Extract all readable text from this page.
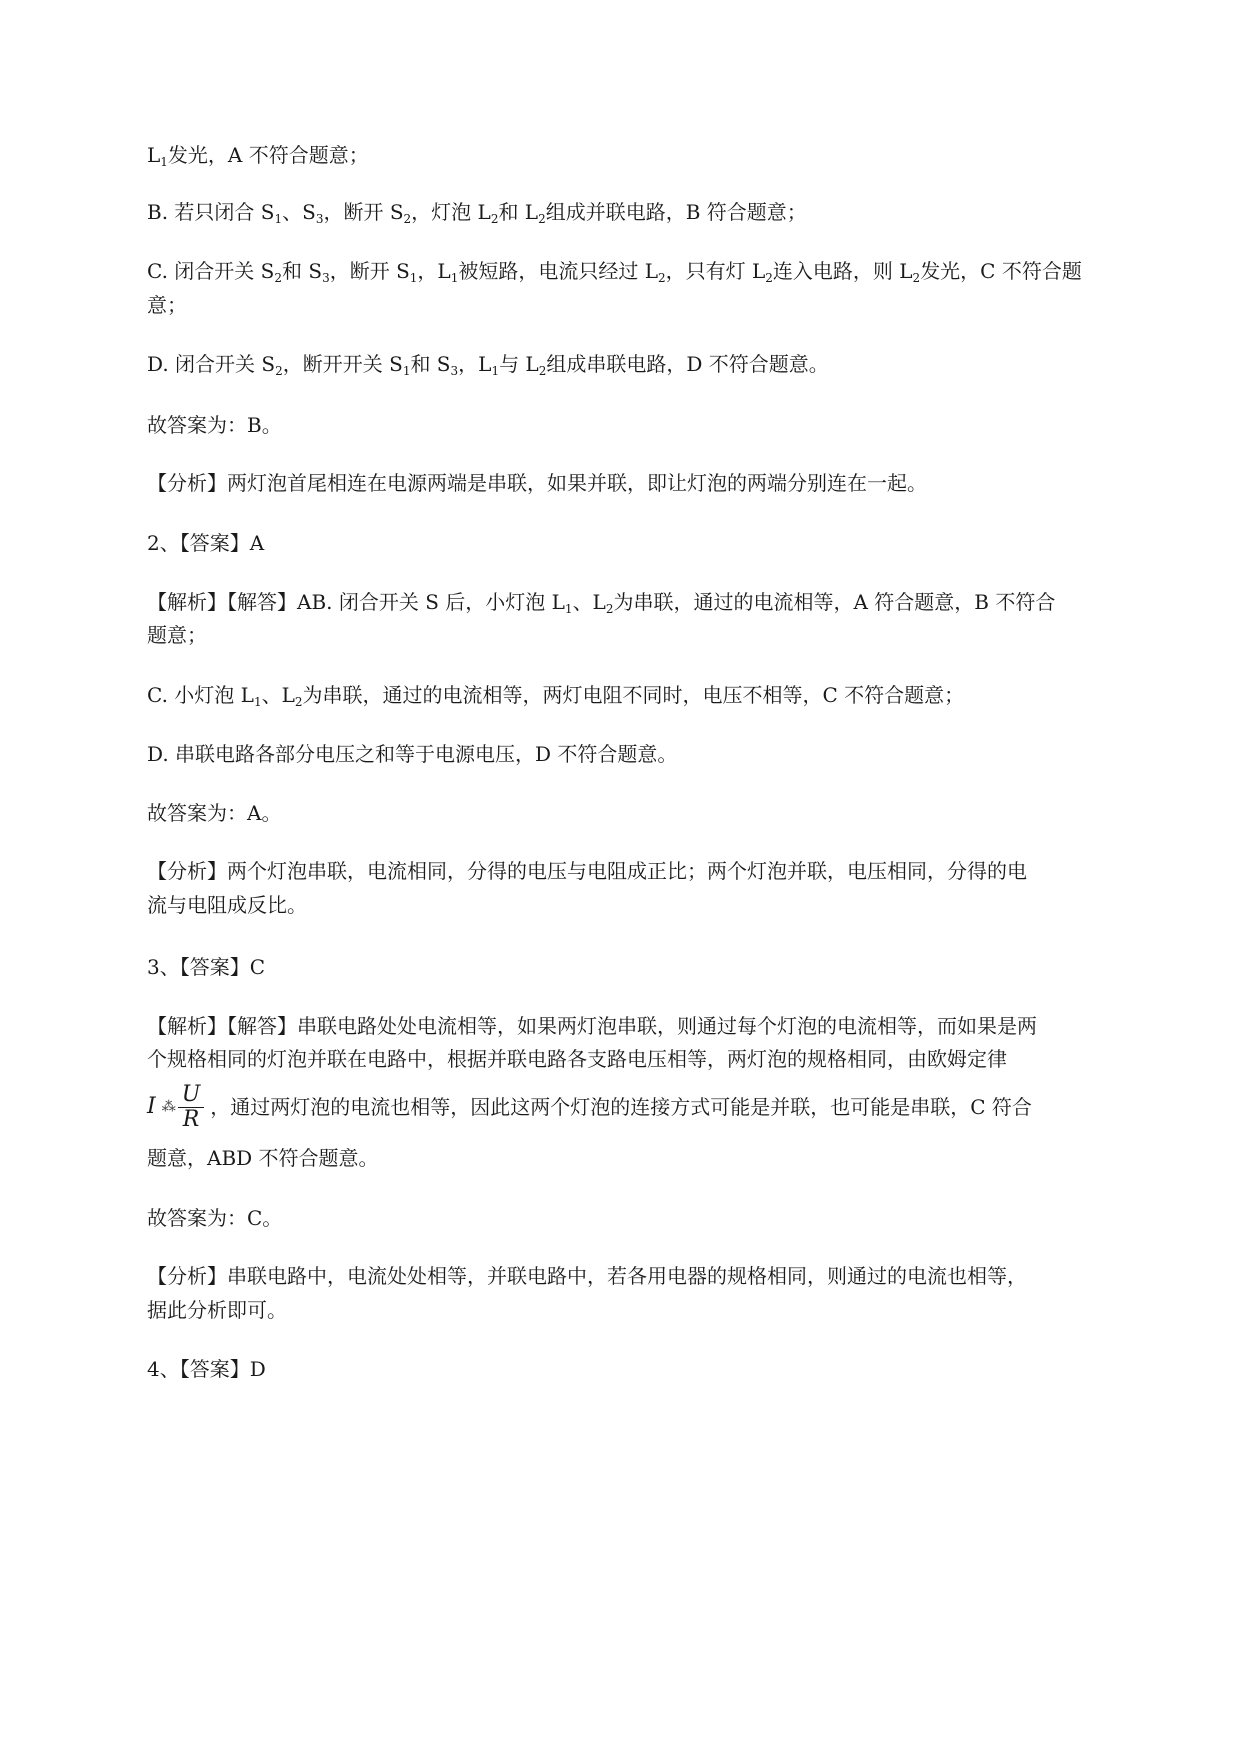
$L_1$发光，A 不符合题意；
B. 若只闭合 $S_1$、$S_3$，断开 $S_2$，灯泡 $L_2$和 $L_2$组成并联电路，B 符合题意；
C. 闭合开关 $S_2$和 $S_3$，断开 $S_1$，$L_1$被短路，电流只经过 $L_2$，只有灯 $L_2$连入电路，则 $L_2$发光，C 不符合题
意；
D. 闭合开关 $S_2$，断开开关 $S_1$和 $S_3$，$L_1$与 $L_2$组成串联电路，D 不符合题意。
故答案为：B。
【分析】两灯泡首尾相连在电源两端是串联，如果并联，即让灯泡的两端分别连在一起。
2、【答案】A
【解析】【解答】AB. 闭合开关 S 后，小灯泡 $L_1$、$L_2$为串联，通过的电流相等，A 符合题意，B 不符合
题意；
C. 小灯泡 $L_1$、$L_2$为串联，通过的电流相等，两灯电阻不同时，电压不相等，C 不符合题意；
D. 串联电路各部分电压之和等于电源电压，D 不符合题意。
故答案为：A。
【分析】两个灯泡串联，电流相同，分得的电压与电阻成正比；两个灯泡并联，电压相同，分得的电
流与电阻成反比。
3、【答案】C
【解析】【解答】串联电路处处电流相等，如果两灯泡串联，则通过每个灯泡的电流相等，而如果是两
个规格相同的灯泡并联在电路中，根据并联电路各支路电压相等，两灯泡的规格相同，由欧姆定律
I ⁂ $\frac{U}{R}$ ，通过两灯泡的电流也相等，因此这两个灯泡的连接方式可能是并联，也可能是串联，C 符合
题意，ABD 不符合题意。
故答案为：C。
【分析】串联电路中，电流处处相等，并联电路中，若各用电器的规格相同，则通过的电流也相等，
据此分析即可。
4、【答案】D
